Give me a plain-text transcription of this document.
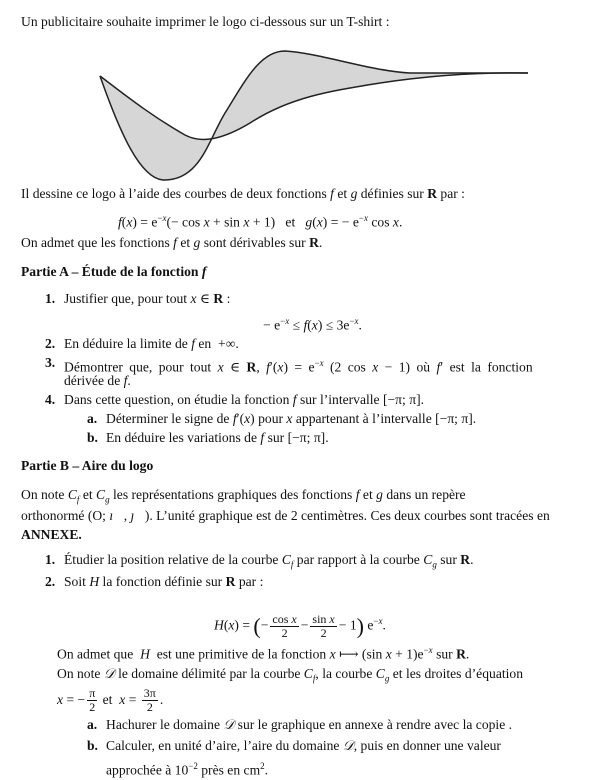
Un publicitaire souhaite imprimer le logo ci-dessous sur un T-shirt :
Il dessine ce logo à l’aide des courbes de deux fonctions f et g définies sur R par :
$f(x) = e^{-x}(- \cos x + \sin x + 1)$   et   g(x) = − $e^{-x}$ cos x.
On admet que les fonctions f et g sont dérivables sur R.
Partie A – Étude de la fonction f
1. Justifier que, pour tout x ∈ R :
− $e^{-x} \le f(x) \le 3e^{-x}$.
2. En déduire la limite de f en  +∞.
3. Démontrer que, pour tout x ∈ R, $f'(x) = e^{-x}$ (2 cos x − 1) où f′ est la fonction
dérivée de f.
4. Dans cette question, on étudie la fonction f sur l’intervalle [−π; π].
a. Déterminer le signe de f′(x) pour x appartenant à l’intervalle [−π; π].
b. En déduire les variations de f sur [−π; π].
Partie B – Aire du logo
On note $C_f$ et $C_g$ les représentations graphiques des fonctions f et g dans un repère
orthonormé (O; ı⃗, ȷ⃗). L’unité graphique est de 2 centimètres. Ces deux courbes sont tracées en
ANNEXE.
1. Étudier la position relative de la courbe $C_f$ par rapport à la courbe $C_g$ sur R.
2. Soit H la fonction définie sur R par :
H(x) = (− $\frac{\text{cos x}}{2} - \frac{\text{sin x}}{2} - 1$) $e^{-x}$.
On admet que  H  est une primitive de la fonction x ⟼ (sin $x + 1)e^{-x}$ sur R.
On note 𝒟 le domaine délimité par la courbe $C_f$, la courbe $C_g$ et les droites d’équation
x = − $\frac{\pi}{2}$ et  $x = \frac{3\pi}{2}$ .
a. Hachurer le domaine 𝒟 sur le graphique en annexe à rendre avec la copie .
b. Calculer, en unité d’aire, l’aire du domaine 𝒟, puis en donner une valeur
approchée à $10^{-2}$ près en $cm^2$.
